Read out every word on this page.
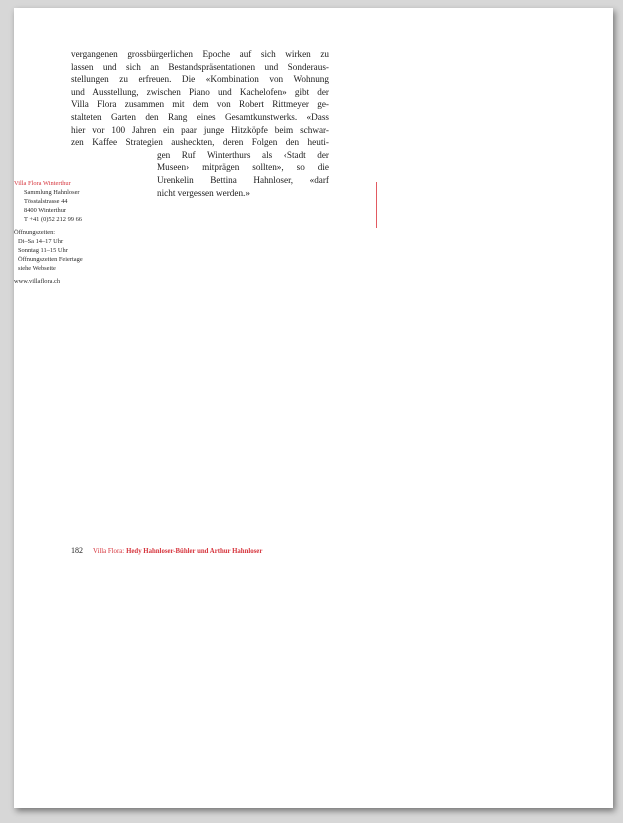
vergangenen grossbürgerlichen Epoche auf sich wirken zu
lassen und sich an Bestandspräsentationen und Sonderaus-
stellungen zu erfreuen. Die «Kombination von Wohnung
und Ausstellung, zwischen Piano und Kachelofen» gibt der
Villa Flora zusammen mit dem von Robert Rittmeyer ge-
stalteten Garten den Rang eines Gesamtkunstwerks. «Dass
hier vor 100 Jahren ein paar junge Hitzköpfe beim schwar-
zen Kaffee Strategien ausheckten, deren Folgen den heuti-
gen Ruf Winterthurs als ‹Stadt der
Museen› mitprägen sollten», so die
Urenkelin Bettina Hahnloser, «darf
nicht vergessen werden.»
Villa Flora Winterthur
Sammlung Hahnloser
Tösstalstrasse 44
8400 Winterthur
T +41 (0)52 212 99 66
Öffnungszeiten:
Di–Sa 14–17 Uhr
Sonntag 11–15 Uhr
Öffnungszeiten Feiertage
siehe Webseite
www.villaflora.ch
182 Villa Flora: Hedy Hahnloser-Bühler und Arthur Hahnloser
